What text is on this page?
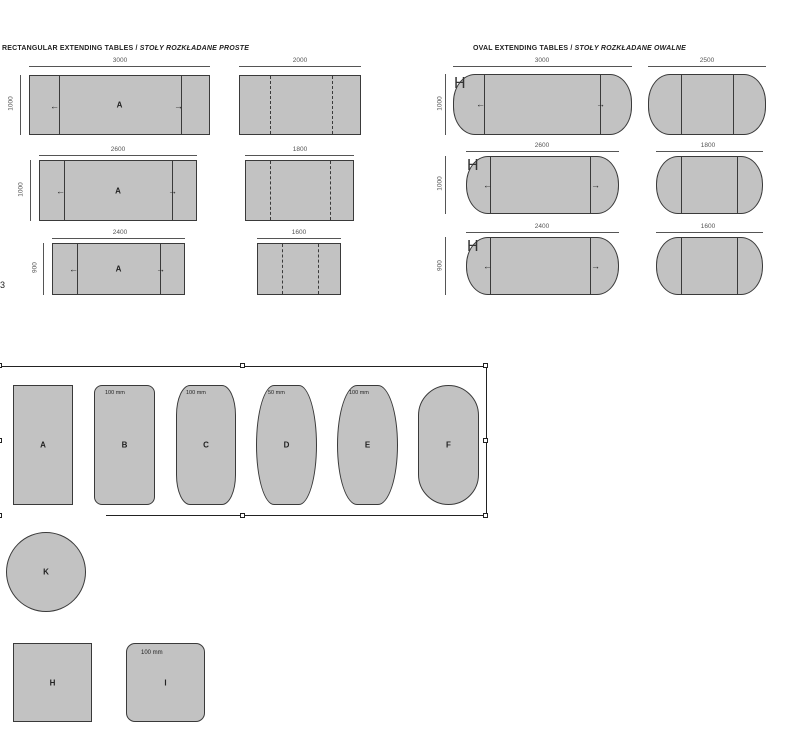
RECTANGULAR EXTENDING TABLES / STOŁY ROZKŁADANE PROSTE
3000
1000	←	→
A
2000
2600
1000	←	→
A
1800
2400
900	←	→
A
1600
3
OVAL EXTENDING TABLES / STOŁY ROZKŁADANE OWALNE
3000
1000	←	→
H
2500
2600
1000	←	→
H
1800
2400
900	←	→
H
1600
A
100 mm
B
100 mm
C
50 mm
D
100 mm
E	F
K
H
100 mm
I
